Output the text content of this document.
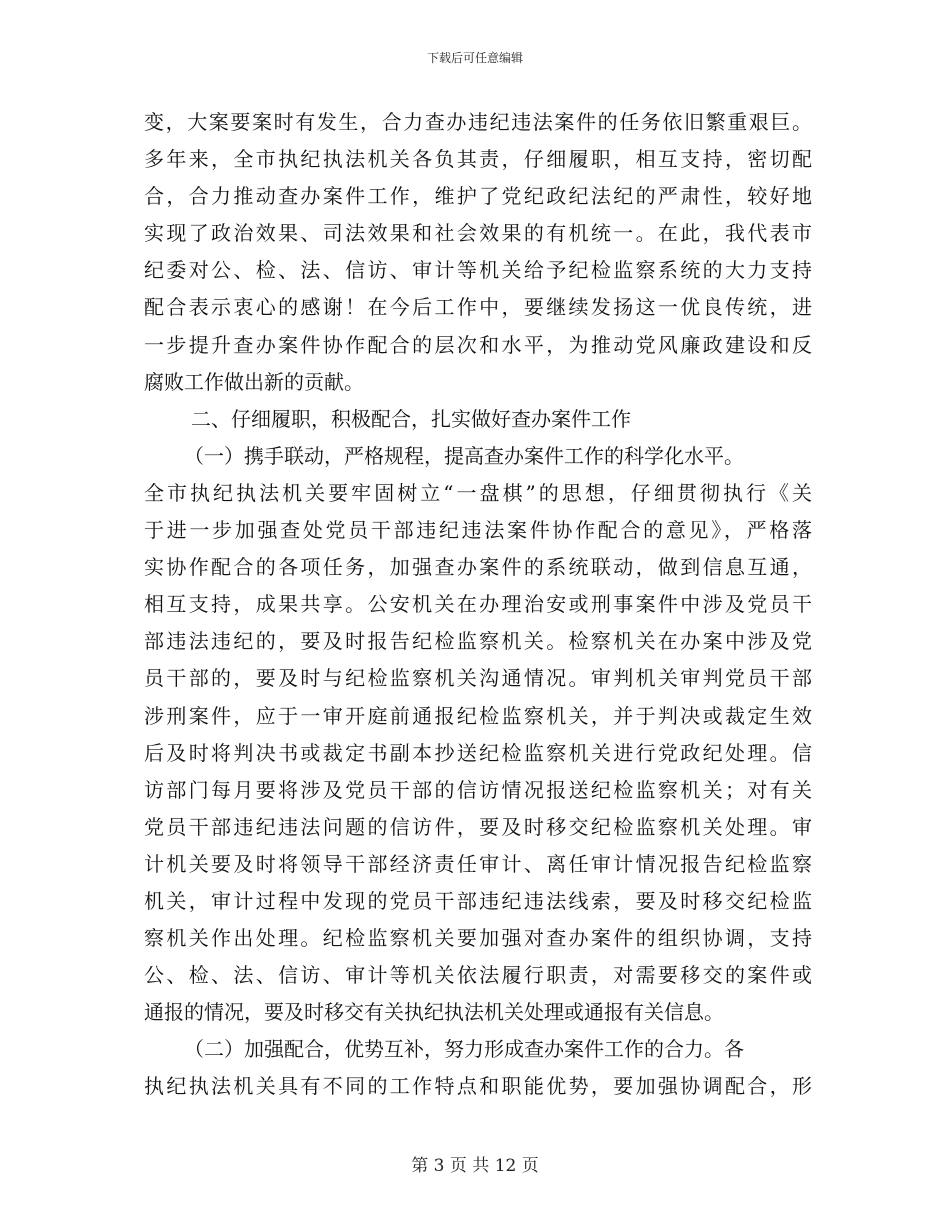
下载后可任意编辑
变，大案要案时有发生，合力查办违纪违法案件的任务依旧繁重艰巨。
多年来，全市执纪执法机关各负其责，仔细履职，相互支持，密切配
合，合力推动查办案件工作，维护了党纪政纪法纪的严肃性，较好地
实现了政治效果、司法效果和社会效果的有机统一。在此，我代表市
纪委对公、检、法、信访、审计等机关给予纪检监察系统的大力支持
配合表示衷心的感谢！在今后工作中，要继续发扬这一优良传统，进
一步提升查办案件协作配合的层次和水平，为推动党风廉政建设和反
腐败工作做出新的贡献。
二、仔细履职，积极配合，扎实做好查办案件工作
（一）携手联动，严格规程，提高查办案件工作的科学化水平。
全市执纪执法机关要牢固树立“一盘棋”的思想，仔细贯彻执行《关
于进一步加强查处党员干部违纪违法案件协作配合的意见》，严格落
实协作配合的各项任务，加强查办案件的系统联动，做到信息互通，
相互支持，成果共享。公安机关在办理治安或刑事案件中涉及党员干
部违法违纪的，要及时报告纪检监察机关。检察机关在办案中涉及党
员干部的，要及时与纪检监察机关沟通情况。审判机关审判党员干部
涉刑案件，应于一审开庭前通报纪检监察机关，并于判决或裁定生效
后及时将判决书或裁定书副本抄送纪检监察机关进行党政纪处理。信
访部门每月要将涉及党员干部的信访情况报送纪检监察机关；对有关
党员干部违纪违法问题的信访件，要及时移交纪检监察机关处理。审
计机关要及时将领导干部经济责任审计、离任审计情况报告纪检监察
机关，审计过程中发现的党员干部违纪违法线索，要及时移交纪检监
察机关作出处理。纪检监察机关要加强对查办案件的组织协调，支持
公、检、法、信访、审计等机关依法履行职责，对需要移交的案件或
通报的情况，要及时移交有关执纪执法机关处理或通报有关信息。
（二）加强配合，优势互补，努力形成查办案件工作的合力。各
执纪执法机关具有不同的工作特点和职能优势，要加强协调配合，形
第 3 页 共 12 页
